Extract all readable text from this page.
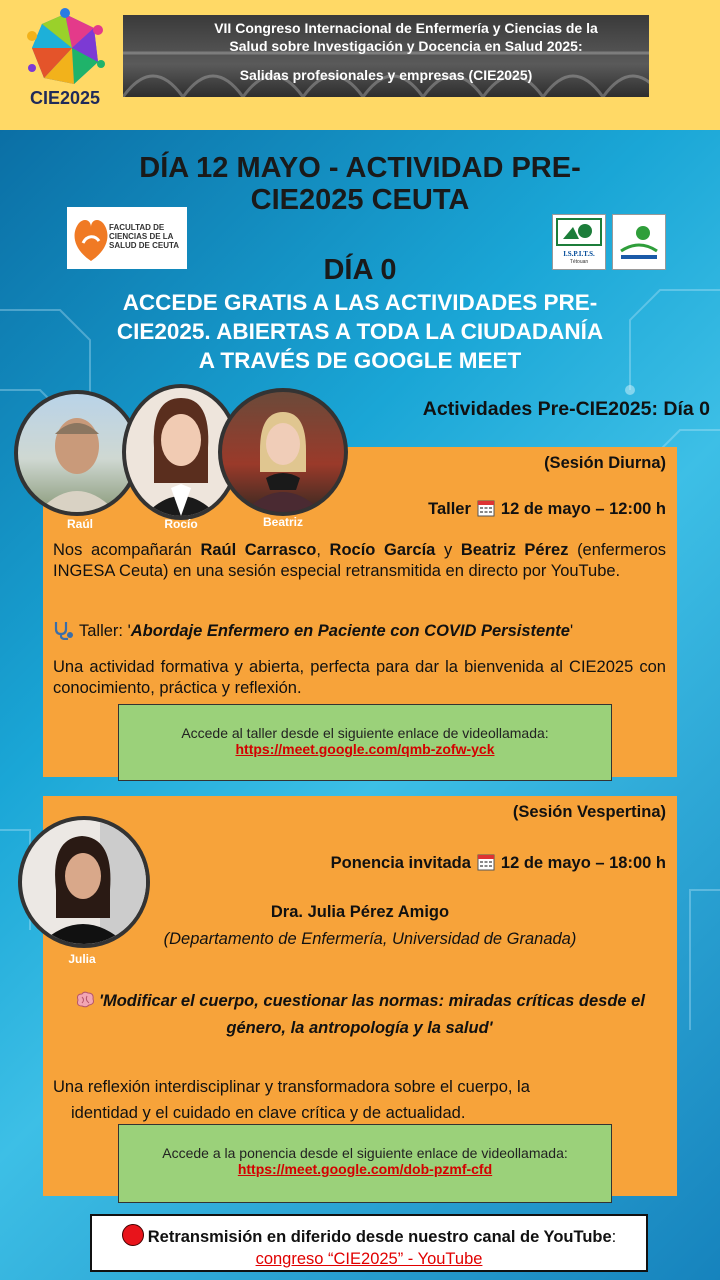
CIE2025
VII Congreso Internacional de Enfermería y Ciencias de la
Salud sobre Investigación y Docencia en Salud 2025:
Salidas profesionales y empresas (CIE2025)
DÍA 12 MAYO - ACTIVIDAD PRE-
CIE2025 CEUTA
FACULTAD DE CIENCIAS DE LA SALUD DE CEUTA
I.S.P.I.T.S.
Tétouan
DÍA 0
ACCEDE GRATIS A LAS ACTIVIDADES PRE-
CIE2025. ABIERTAS A TODA LA CIUDADANÍA
A TRAVÉS DE GOOGLE MEET
Actividades Pre-CIE2025: Día 0
Raúl	Rocío	Beatriz
(Sesión Diurna)
Taller 12 de mayo – 12:00 h
Nos acompañarán Raúl Carrasco, Rocío García y Beatriz Pérez (enfermeros INGESA Ceuta) en una sesión especial retransmitida en directo por YouTube.
Taller: 'Abordaje Enfermero en Paciente con COVID Persistente'
Una actividad formativa y abierta, perfecta para dar la bienvenida al CIE2025 con conocimiento, práctica y reflexión.
Accede al taller desde el siguiente enlace de videollamada:
https://meet.google.com/qmb-zofw-yck
Julia
(Sesión Vespertina)
Ponencia invitada 12 de mayo – 18:00 h
Dra. Julia Pérez Amigo
(Departamento de Enfermería, Universidad de Granada)
'Modificar el cuerpo, cuestionar las normas: miradas críticas desde el
género, la antropología y la salud'
Una reflexión interdisciplinar y transformadora sobre el cuerpo, la
identidad y el cuidado en clave crítica y de actualidad.
Accede a la ponencia desde el siguiente enlace de videollamada:
https://meet.google.com/dob-pzmf-cfd
Retransmisión en diferido desde nuestro canal de YouTube:
congreso “CIE2025” - YouTube
